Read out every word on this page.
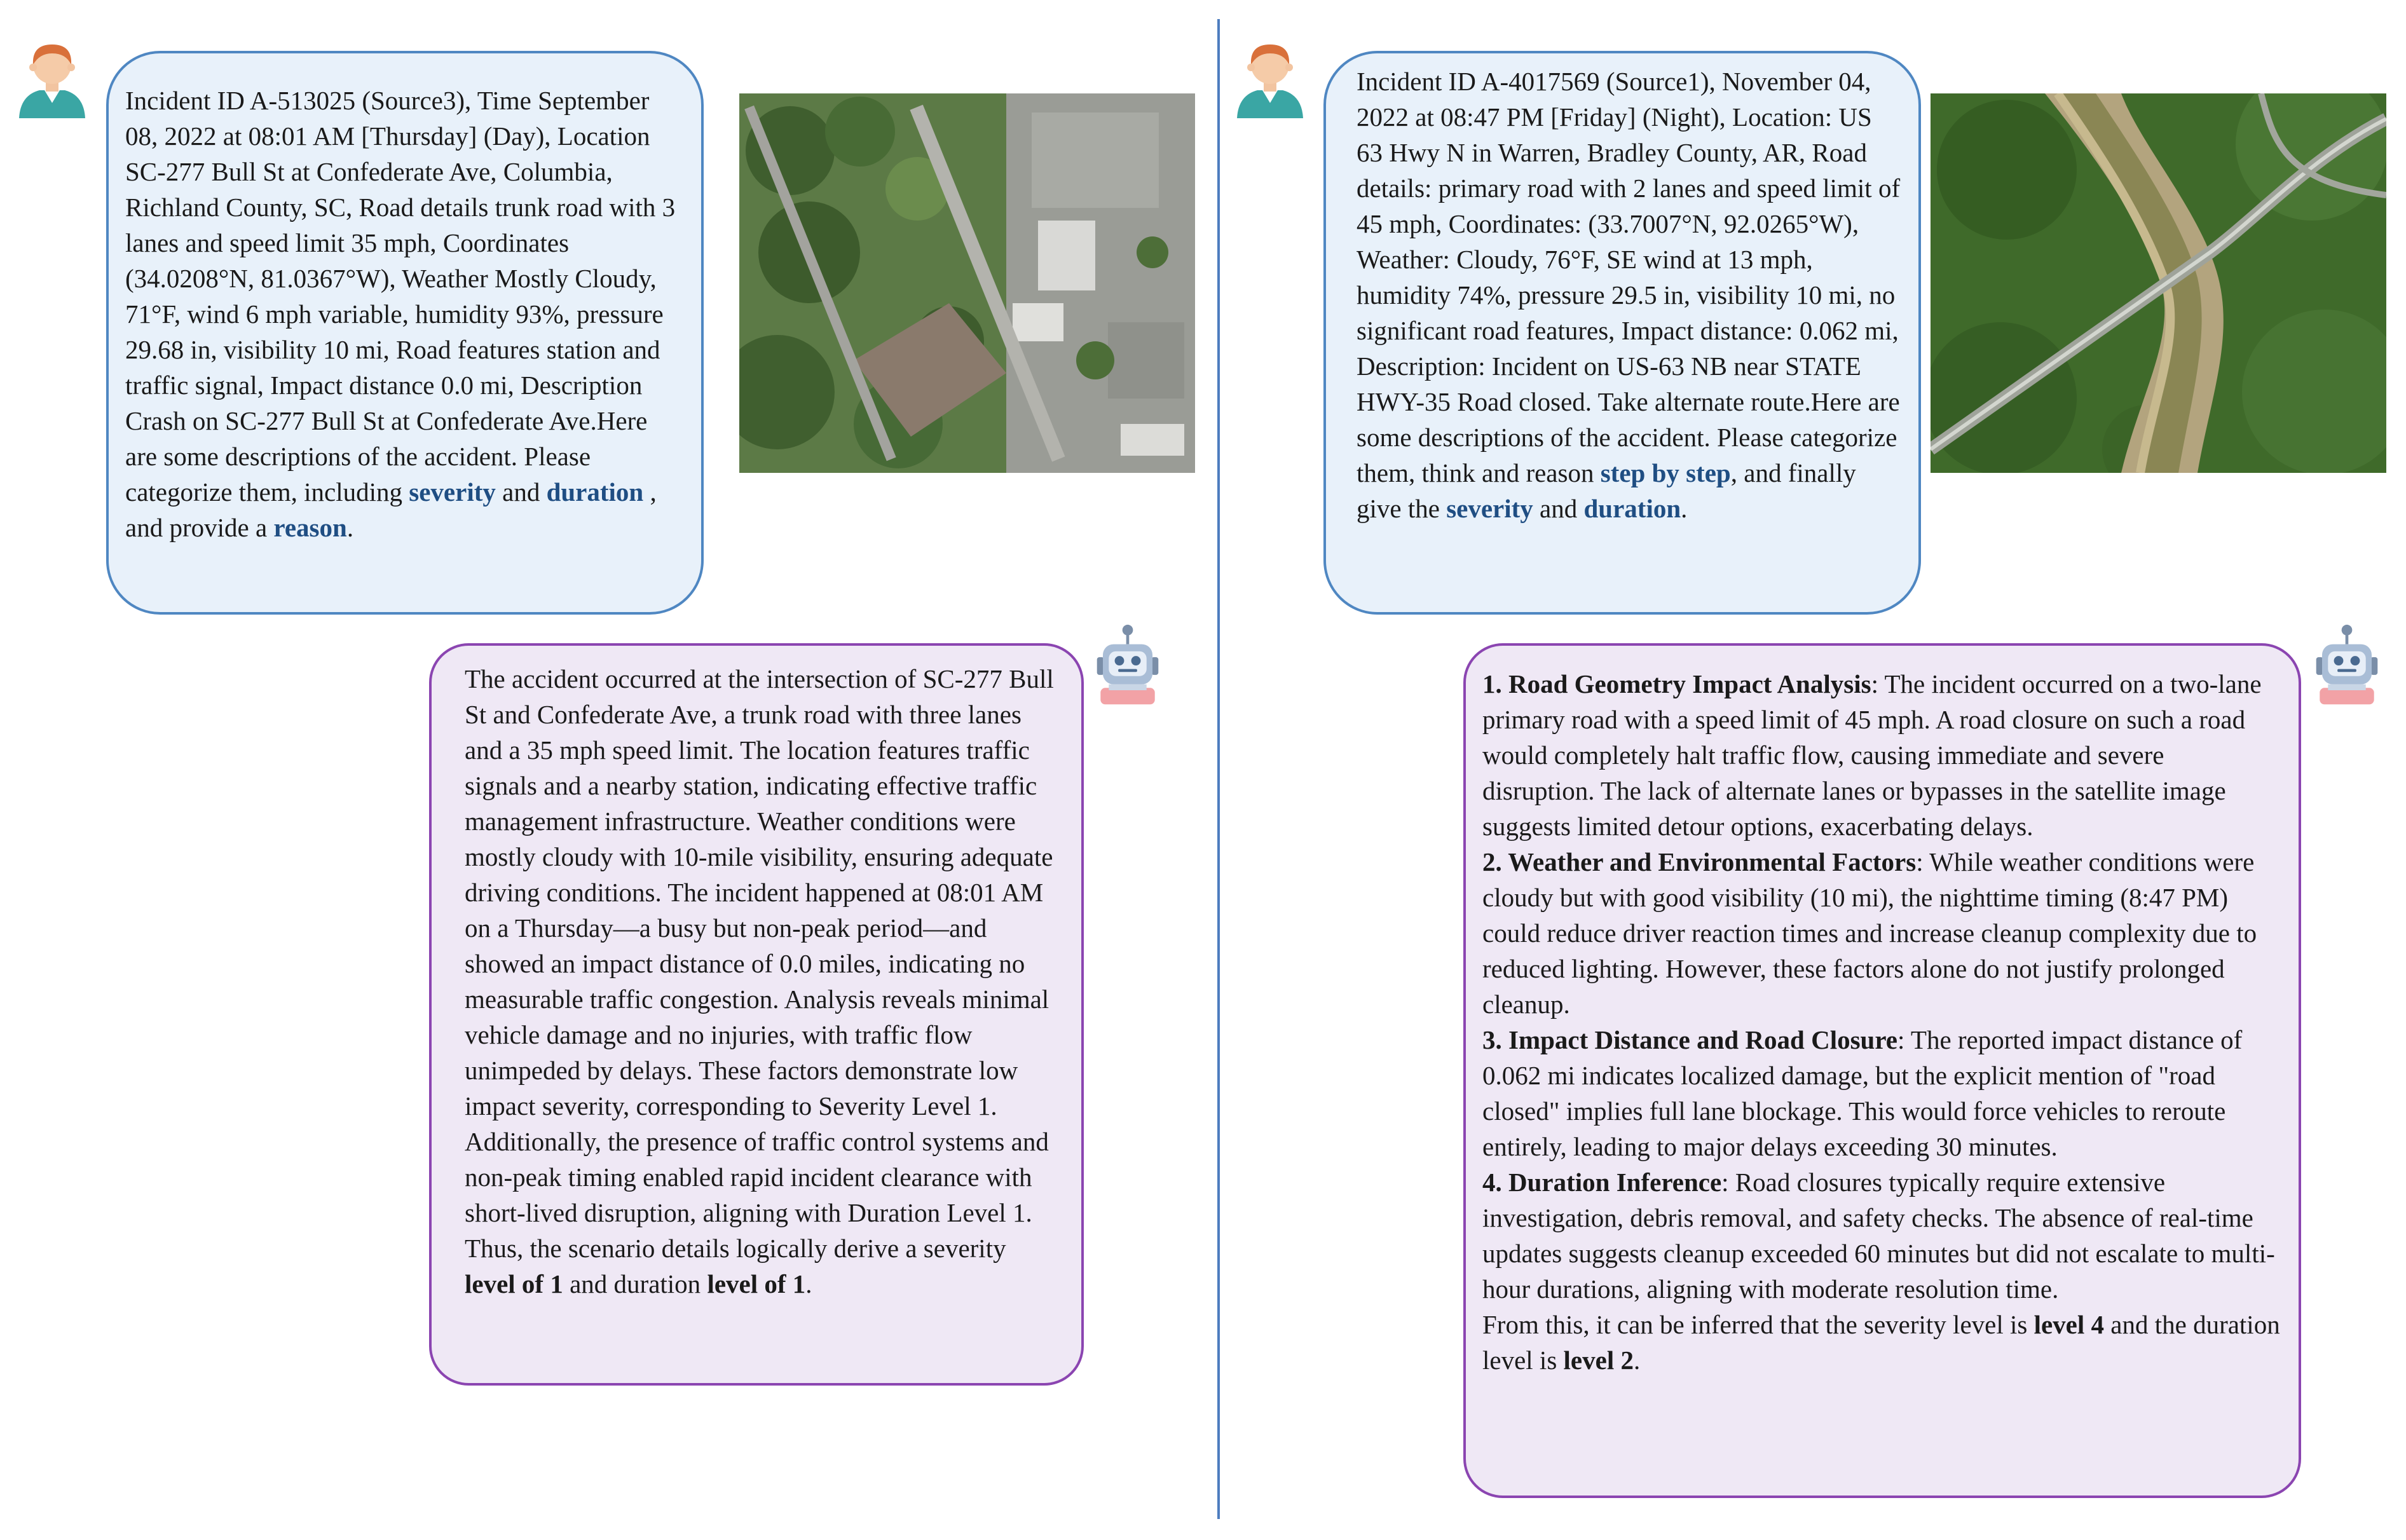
Incident ID A-513025 (Source3), Time September 08, 2022 at 08:01 AM [Thursday] (Day), Location SC-277 Bull St at Confederate Ave, Columbia, Richland County, SC, Road details trunk road with 3 lanes and speed limit 35 mph, Coordinates (34.0208°N, 81.0367°W), Weather Mostly Cloudy, 71°F, wind 6 mph variable, humidity 93%, pressure 29.68 in, visibility 10 mi, Road features station and traffic signal, Impact distance 0.0 mi, Description Crash on SC-277 Bull St at Confederate Ave.Here are some descriptions of the accident. Please categorize them, including severity and duration , and provide a reason.

The accident occurred at the intersection of SC-277 Bull St and Confederate Ave, a trunk road with three lanes and a 35 mph speed limit. The location features traffic signals and a nearby station, indicating effective traffic management infrastructure. Weather conditions were mostly cloudy with 10-mile visibility, ensuring adequate driving conditions. The incident happened at 08:01 AM on a Thursday—a busy but non-peak period—and showed an impact distance of 0.0 miles, indicating no measurable traffic congestion. Analysis reveals minimal vehicle damage and no injuries, with traffic flow unimpeded by delays. These factors demonstrate low impact severity, corresponding to Severity Level 1. Additionally, the presence of traffic control systems and non-peak timing enabled rapid incident clearance with short-lived disruption, aligning with Duration Level 1. Thus, the scenario details logically derive a severity level of 1 and duration level of 1.

Incident ID A-4017569 (Source1), November 04, 2022 at 08:47 PM [Friday] (Night), Location: US 63 Hwy N in Warren, Bradley County, AR, Road details: primary road with 2 lanes and speed limit of 45 mph, Coordinates: (33.7007°N, 92.0265°W), Weather: Cloudy, 76°F, SE wind at 13 mph, humidity 74%, pressure 29.5 in, visibility 10 mi, no significant road features, Impact distance: 0.062 mi, Description: Incident on US-63 NB near STATE HWY-35 Road closed. Take alternate route.Here are some descriptions of the accident. Please categorize them, think and reason step by step, and finally give the severity and duration.

1. Road Geometry Impact Analysis: The incident occurred on a two-lane primary road with a speed limit of 45 mph. A road closure on such a road would completely halt traffic flow, causing immediate and severe disruption. The lack of alternate lanes or bypasses in the satellite image suggests limited detour options, exacerbating delays.

2. Weather and Environmental Factors: While weather conditions were cloudy but with good visibility (10 mi), the nighttime timing (8:47 PM) could reduce driver reaction times and increase cleanup complexity due to reduced lighting. However, these factors alone do not justify prolonged cleanup.

3. Impact Distance and Road Closure: The reported impact distance of 0.062 mi indicates localized damage, but the explicit mention of "road closed" implies full lane blockage. This would force vehicles to reroute entirely, leading to major delays exceeding 30 minutes.

4. Duration Inference: Road closures typically require extensive investigation, debris removal, and safety checks. The absence of real-time updates suggests cleanup exceeded 60 minutes but did not escalate to multi-hour durations, aligning with moderate resolution time.

From this, it can be inferred that the severity level is level 4 and the duration level is level 2.
